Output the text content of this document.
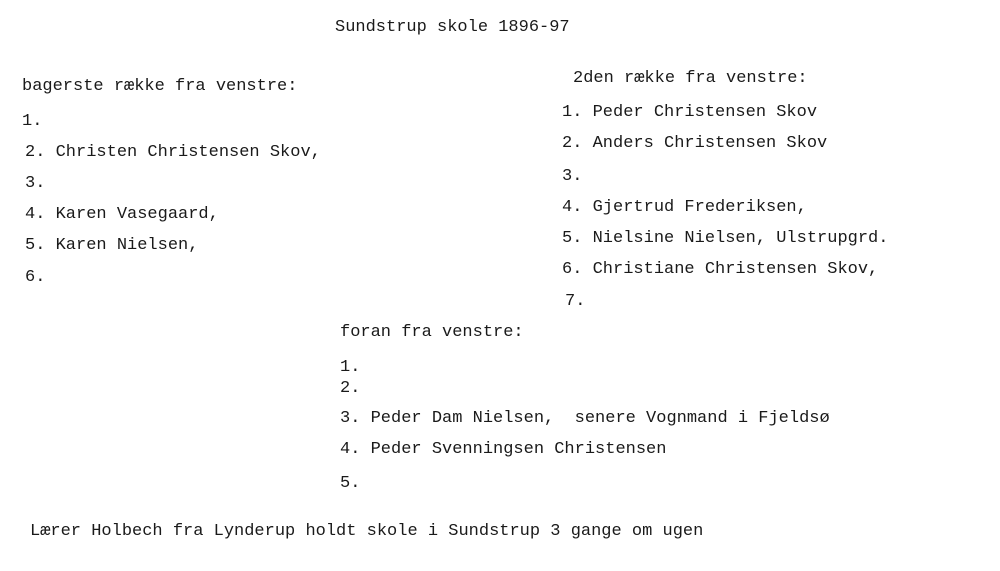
Sundstrup skole 1896-97
bagerste række fra venstre:
1.
2. Christen Christensen Skov,
3.
4. Karen Vasegaard,
5. Karen Nielsen,
6.
2den række fra venstre:
1. Peder Christensen Skov
2. Anders Christensen Skov
3.
4. Gjertrud Frederiksen,
5. Nielsine Nielsen, Ulstrupgrd.
6. Christiane Christensen Skov,
7.
foran fra venstre:
1.
2.
3. Peder Dam Nielsen,  senere Vognmand i Fjeldsø
4. Peder Svenningsen Christensen
5.
Lærer Holbech fra Lynderup holdt skole i Sundstrup 3 gange om ugen
